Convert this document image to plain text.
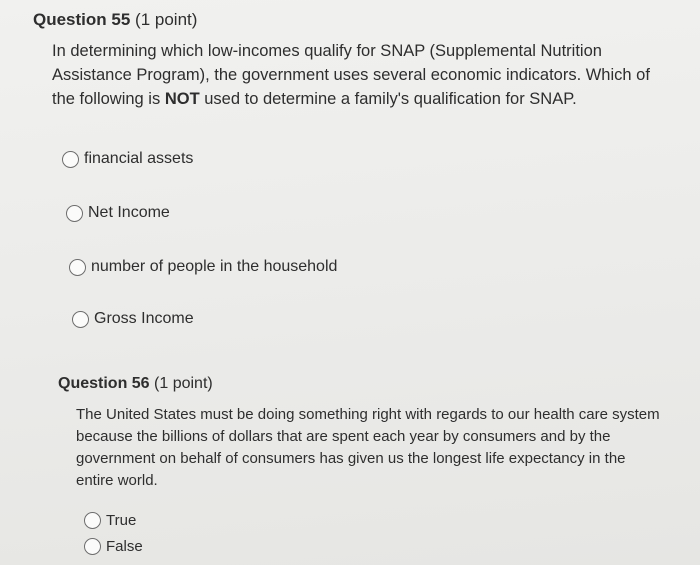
Question 55 (1 point)
In determining which low-incomes qualify for SNAP (Supplemental Nutrition Assistance Program), the government uses several economic indicators. Which of the following is NOT used to determine a family's qualification for SNAP.
financial assets
Net Income
number of people in the household
Gross Income
Question 56 (1 point)
The United States must be doing something right with regards to our health care system because the billions of dollars that are spent each year by consumers and by the government on behalf of consumers has given us the longest life expectancy in the entire world.
True
False
